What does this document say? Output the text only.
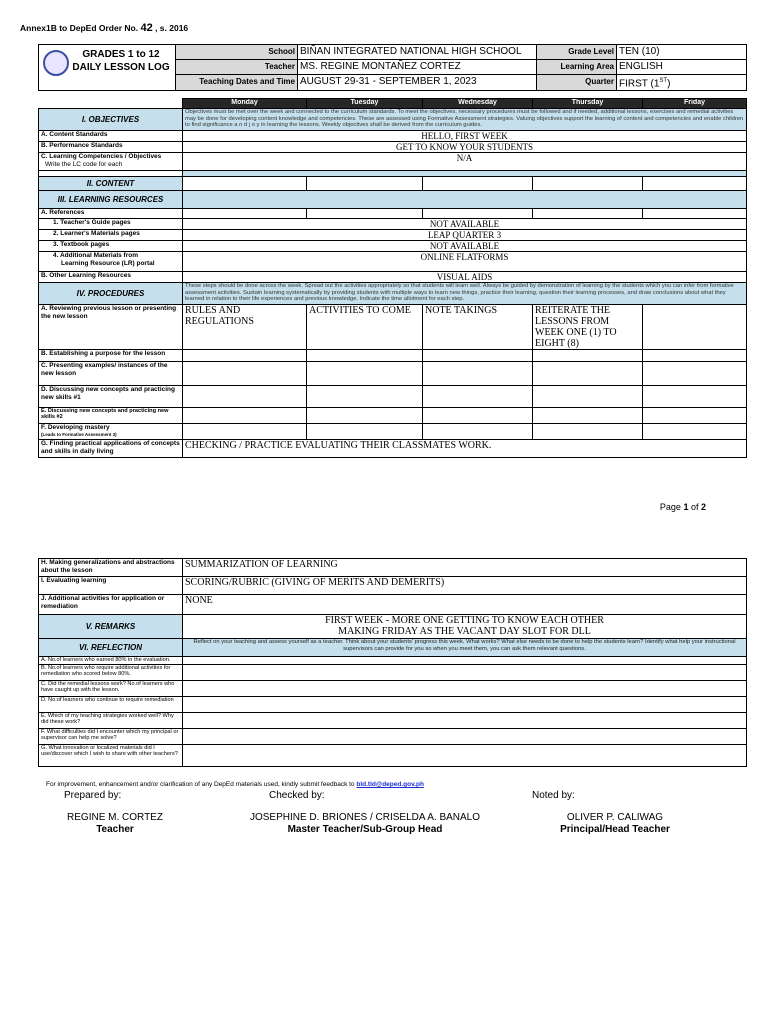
Annex1B to DepEd Order No. 42 , s. 2016
GRADES 1 to 12
DAILY LESSON LOG	School	BIÑAN INTEGRATED NATIONAL HIGH SCHOOL	Grade Level	TEN (10)
	Teacher	MS. REGINE MONTAÑEZ CORTEZ	Learning Area	ENGLISH
	Teaching Dates and Time	AUGUST 29-31 - SEPTEMBER 1, 2023	Quarter	FIRST (1ST)
	Monday	Tuesday	Wednesday	Thursday	Friday
I. OBJECTIVES	Objectives must be met over the week and connected to the curriculum standards. To meet the objectives, necessary procedures must be followed and if needed, additional lessons, exercises and remedial activities may be done for developing content knowledge and competencies. These are assessed using Formative Assessment strategies. Valuing objectives support the learning of content and competencies and enable children to find significance a n d j o y in learning the lessons. Weekly objectives shall be derived from the curriculum guides.				
A. Content Standards	HELLO, FIRST WEEK				
B. Performance Standards	GET TO KNOW YOUR STUDENTS				

C. Learning Competencies / Objectives
Write the LC code for each	N/A				

II. CONTENT					
III. LEARNING RESOURCES					
A. References					
1. Teacher's Guide pages	NOT AVAILABLE				
2. Learner's Materials pages	LEAP QUARTER 3				
3. Textbook pages	NOT AVAILABLE				

4. Additional Materials from
Learning Resource (LR) portal	ONLINE FLATFORMS				
B. Other Learning Resources	VISUAL AIDS				
IV. PROCEDURES	These steps should be done across the week. Spread out the activities appropriately so that students will learn well. Always be guided by demonstration of learning by the students which you can infer from formative assessment activities. Sustain learning systematically by providing students with multiple ways to learn new things, practice their learning, question their learning processes, and draw conclusions about what they learned in relation to their life experiences and previous knowledge. Indicate the time allotment for each step.				
A. Reviewing previous lesson or presenting the new lesson	RULES AND REGULATIONS	ACTIVITIES TO COME	NOTE TAKINGS	REITERATE THE LESSONS FROM WEEK ONE (1) TO EIGHT (8)	
B. Establishing a purpose for the lesson					
C. Presenting examples/ instances of the new lesson					
D. Discussing new concepts and practicing new skills #1					
E. Discussing new concepts and practicing new skills #2					

F. Developing mastery
(Leads to Formative Assessment 3)					

G. Finding practical applications of concepts and skills in daily living	CHECKING / PRACTICE EVALUATING THEIR CLASSMATES WORK.				
Page 1 of 2
H. Making generalizations and abstractions about the lesson	SUMMARIZATION OF LEARNING
I. Evaluating learning	SCORING/RUBRIC (GIVING OF MERITS AND DEMERITS)
J. Additional activities for application or remediation	NONE
V. REMARKS	FIRST WEEK - MORE ONE GETTING TO KNOW EACH OTHER
MAKING FRIDAY AS THE VACANT DAY SLOT FOR DLL

VI. REFLECTION	Reflect on your teaching and assess yourself as a teacher. Think about your students' progress this week. What works? What else needs to be done to help the students learn? Identify what help your instructional supervisors can provide for you so when you meet them, you can ask them relevant questions.
A. No.of learners who earned 80% in the evaluation.	
B. No.of learners who require additional activities for remediation who scored below 80%.	
C. Did the remedial lessons work? No.of learners who have caught up with the lesson.	
D. No.of learners who continue to require remediation	
E. Which of my teaching strategies worked well? Why did these work?	
F. What difficulties did I encounter which my principal or supervisor can help me solve?	
G. What innovation or localized materials did I use/discover which I wish to share with other teachers?	
For improvement, enhancement and/or clarification of any DepEd materials used, kindly submit feedback to bld.tld@deped.gov.ph
Prepared by:	Checked by:	Noted by:
REGINE M. CORTEZ
Teacher
JOSEPHINE D. BRIONES / CRISELDA A. BANALO
Master Teacher/Sub-Group Head
OLIVER P. CALIWAG
Principal/Head Teacher
